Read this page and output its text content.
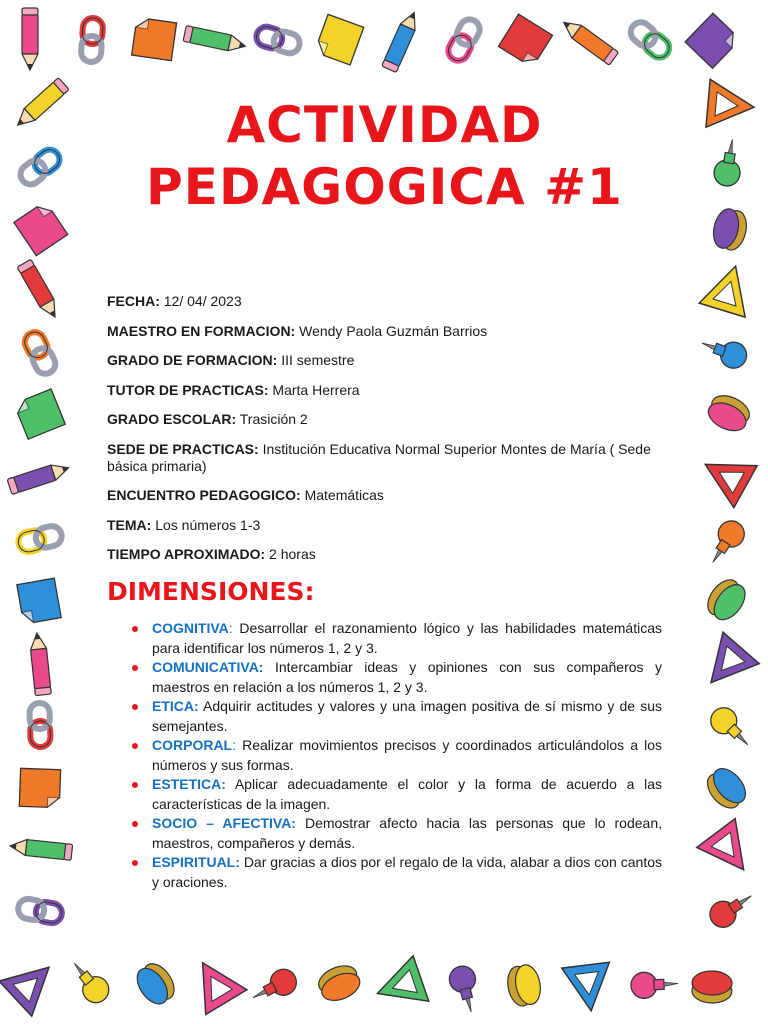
ACTIVIDAD
PEDAGOGICA #1

FECHA: 12/ 04/ 2023

MAESTRO EN FORMACION: Wendy Paola Guzmán Barrios

GRADO DE FORMACION: III semestre

TUTOR DE PRACTICAS: Marta Herrera

GRADO ESCOLAR: Trasición 2

SEDE DE PRACTICAS: Institución Educativa Normal Superior Montes de María ( Sede básica primaria)

ENCUENTRO PEDAGOGICO: Matemáticas

TEMA: Los números 1-3

TIEMPO APROXIMADO: 2 horas

DIMENSIONES:
COGNITIVA: Desarrollar el razonamiento lógico y las habilidades matemáticas para identificar los números 1, 2 y 3.
COMUNICATIVA: Intercambiar ideas y opiniones con sus compañeros y maestros en relación a los números 1, 2 y 3.
ETICA: Adquirir actitudes y valores y una imagen positiva de sí mismo y de sus semejantes.
CORPORAL: Realizar movimientos precisos y coordinados articulándolos a los números y sus formas.
ESTETICA: Aplicar adecuadamente el color y la forma de acuerdo a las características de la imagen.
SOCIO – AFECTIVA: Demostrar afecto hacia las personas que lo rodean, maestros, compañeros y demás.
ESPIRITUAL: Dar gracias a dios por el regalo de la vida, alabar a dios con cantos y oraciones.
